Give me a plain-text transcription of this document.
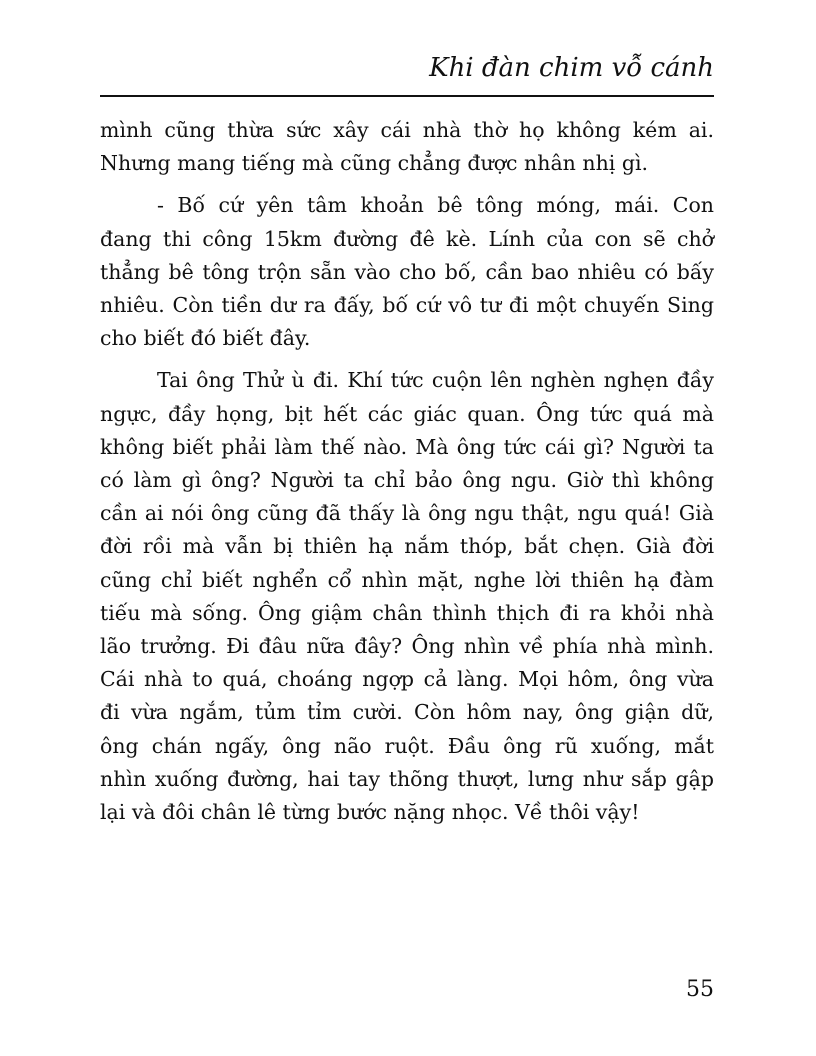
Khi đàn chim vỗ cánh

mình cũng thừa sức xây cái nhà thờ họ không kém ai.
Nhưng mang tiếng mà cũng chẳng được nhân nhị gì.

- Bố cứ yên tâm khoản bê tông móng, mái. Con
đang thi công 15km đường đê kè. Lính của con sẽ chở
thẳng bê tông trộn sẵn vào cho bố, cần bao nhiêu có bấy
nhiêu. Còn tiền dư ra đấy, bố cứ vô tư đi một chuyến Sing
cho biết đó biết đây.

Tai ông Thử ù đi. Khí tức cuộn lên nghèn nghẹn đầy
ngực, đầy họng, bịt hết các giác quan. Ông tức quá mà
không biết phải làm thế nào. Mà ông tức cái gì? Người ta
có làm gì ông? Người ta chỉ bảo ông ngu. Giờ thì không
cần ai nói ông cũng đã thấy là ông ngu thật, ngu quá! Già
đời rồi mà vẫn bị thiên hạ nắm thóp, bắt chẹn. Già đời
cũng chỉ biết nghển cổ nhìn mặt, nghe lời thiên hạ đàm
tiếu mà sống. Ông giậm chân thình thịch đi ra khỏi nhà
lão trưởng. Đi đâu nữa đây? Ông nhìn về phía nhà mình.
Cái nhà to quá, choáng ngợp cả làng. Mọi hôm, ông vừa
đi vừa ngắm, tủm tỉm cười. Còn hôm nay, ông giận dữ,
ông chán ngấy, ông não ruột. Đầu ông rũ xuống, mắt
nhìn xuống đường, hai tay thõng thượt, lưng như sắp gập
lại và đôi chân lê từng bước nặng nhọc. Về thôi vậy!

55
